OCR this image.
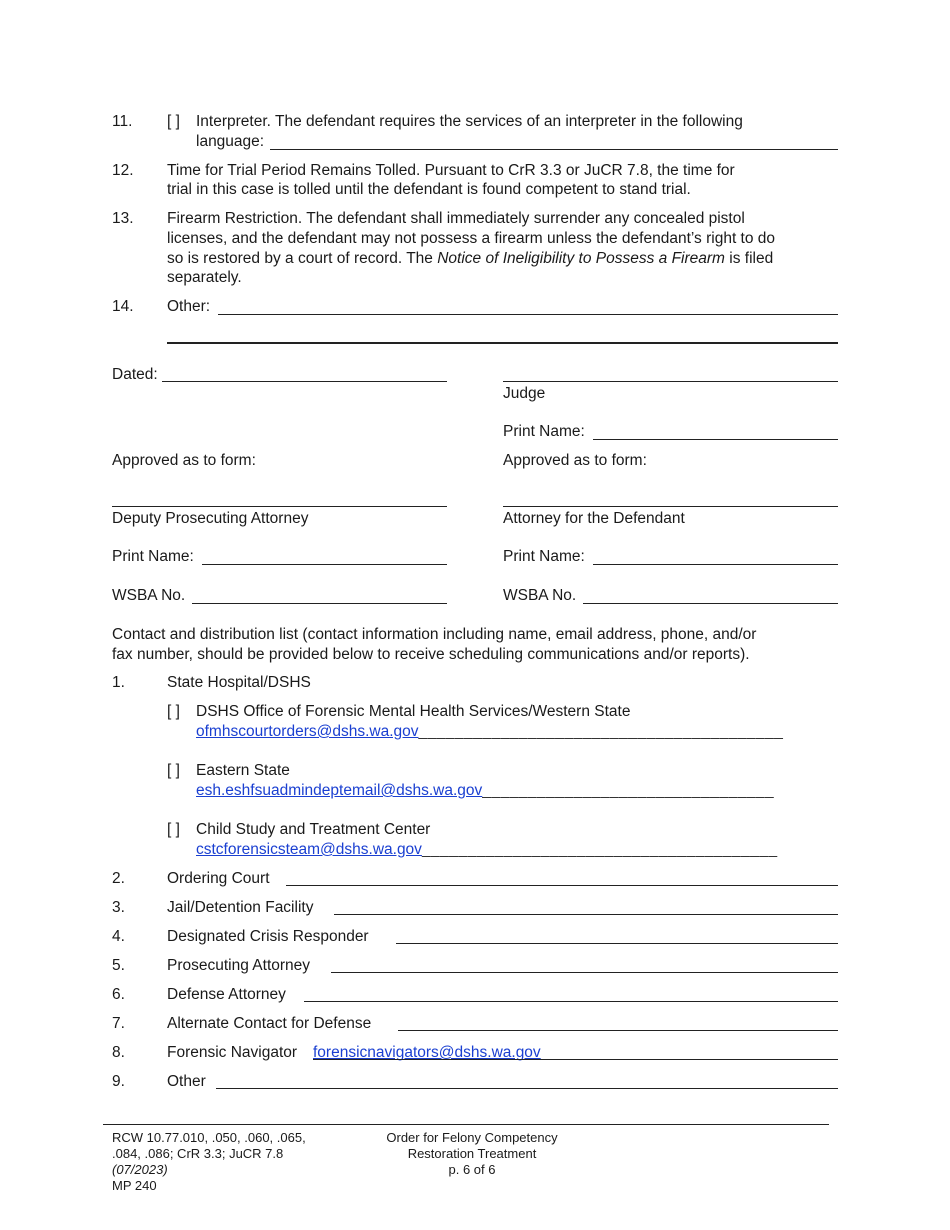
11. [ ] Interpreter. The defendant requires the services of an interpreter in the following
language:
12. Time for Trial Period Remains Tolled. Pursuant to CrR 3.3 or JuCR 7.8, the time for
trial in this case is tolled until the defendant is found competent to stand trial.
13. Firearm Restriction. The defendant shall immediately surrender any concealed pistol
licenses, and the defendant may not possess a firearm unless the defendant’s right to do
so is restored by a court of record. The Notice of Ineligibility to Possess a Firearm is filed
separately.
14. Other:
Dated:
Judge
Print Name:
Approved as to form:	Approved as to form:
Deputy Prosecuting Attorney	Attorney for the Defendant
Print Name:	Print Name:
WSBA No.	WSBA No.
Contact and distribution list (contact information including name, email address, phone, and/or
fax number, should be provided below to receive scheduling communications and/or reports).
1.	State Hospital/DSHS
[ ] DSHS Office of Forensic Mental Health Services/Western State
ofmhscourtorders@dshs.wa.gov________________________________________
[ ] Eastern State
esh.eshfsuadmindeptemail@dshs.wa.gov________________________________
[ ] Child Study and Treatment Center
cstcforensicsteam@dshs.wa.gov_______________________________________
2.	Ordering Court
3.	Jail/Detention Facility
4.	Designated Crisis Responder
5.	Prosecuting Attorney
6.	Defense Attorney
7.	Alternate Contact for Defense
8.	Forensic Navigator forensicnavigators@dshs.wa.gov
9.	Other
RCW 10.77.010, .050, .060, .065,
.084, .086; CrR 3.3; JuCR 7.8
(07/2023)
MP 240
Order for Felony Competency
Restoration Treatment
p. 6 of 6
